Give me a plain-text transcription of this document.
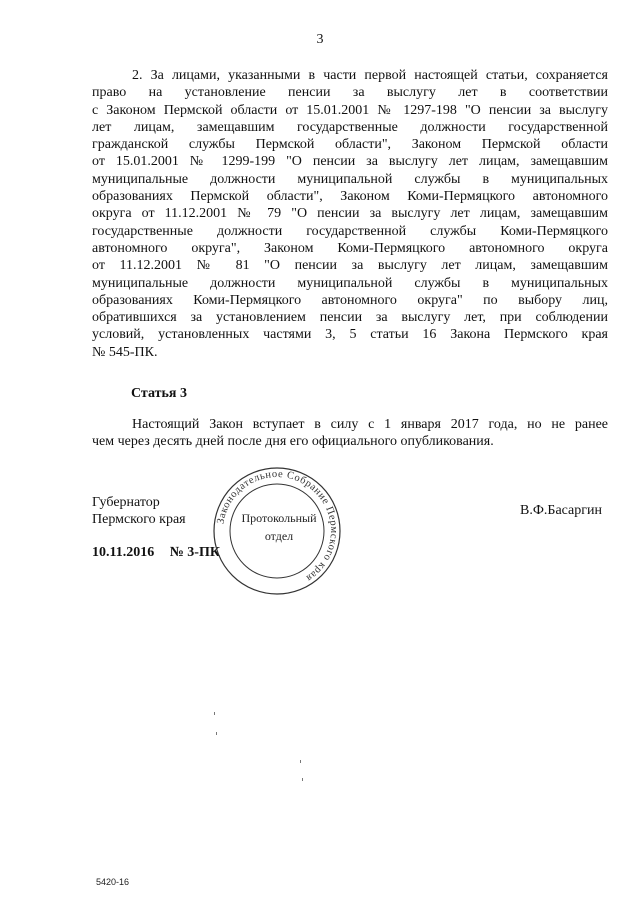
3

2. За лицами, указанными в части первой настоящей статьи, сохраняется
право на установление пенсии за выслугу лет в соответствии
с Законом Пермской области от 15.01.2001 № 1297-198 "О пенсии за выслугу
лет лицам, замещавшим государственные должности государственной
гражданской службы Пермской области", Законом Пермской области
от 15.01.2001 № 1299-199 "О пенсии за выслугу лет лицам, замещавшим
муниципальные должности муниципальной службы в муниципальных
образованиях Пермской области", Законом Коми-Пермяцкого автономного
округа от 11.12.2001 № 79 "О пенсии за выслугу лет лицам, замещавшим
государственные должности государственной службы Коми-Пермяцкого
автономного округа", Законом Коми-Пермяцкого автономного округа
от 11.12.2001 № 81 "О пенсии за выслугу лет лицам, замещавшим
муниципальные должности муниципальной службы в муниципальных
образованиях Коми-Пермяцкого автономного округа" по выбору лиц,
обратившихся за установлением пенсии за выслугу лет, при соблюдении
условий, установленных частями 3, 5 статьи 16 Закона Пермского края
№ 545-ПК.

Статья 3

Настоящий Закон вступает в силу с 1 января 2017 года, но не ранее
чем через десять дней после дня его официального опубликования.

Губернатор
Пермского края
В.Ф.Басаргин
10.11.2016 № 3-ПК
Законодательное Собрание Пермского края
Протокольный
отдел
5420-16
